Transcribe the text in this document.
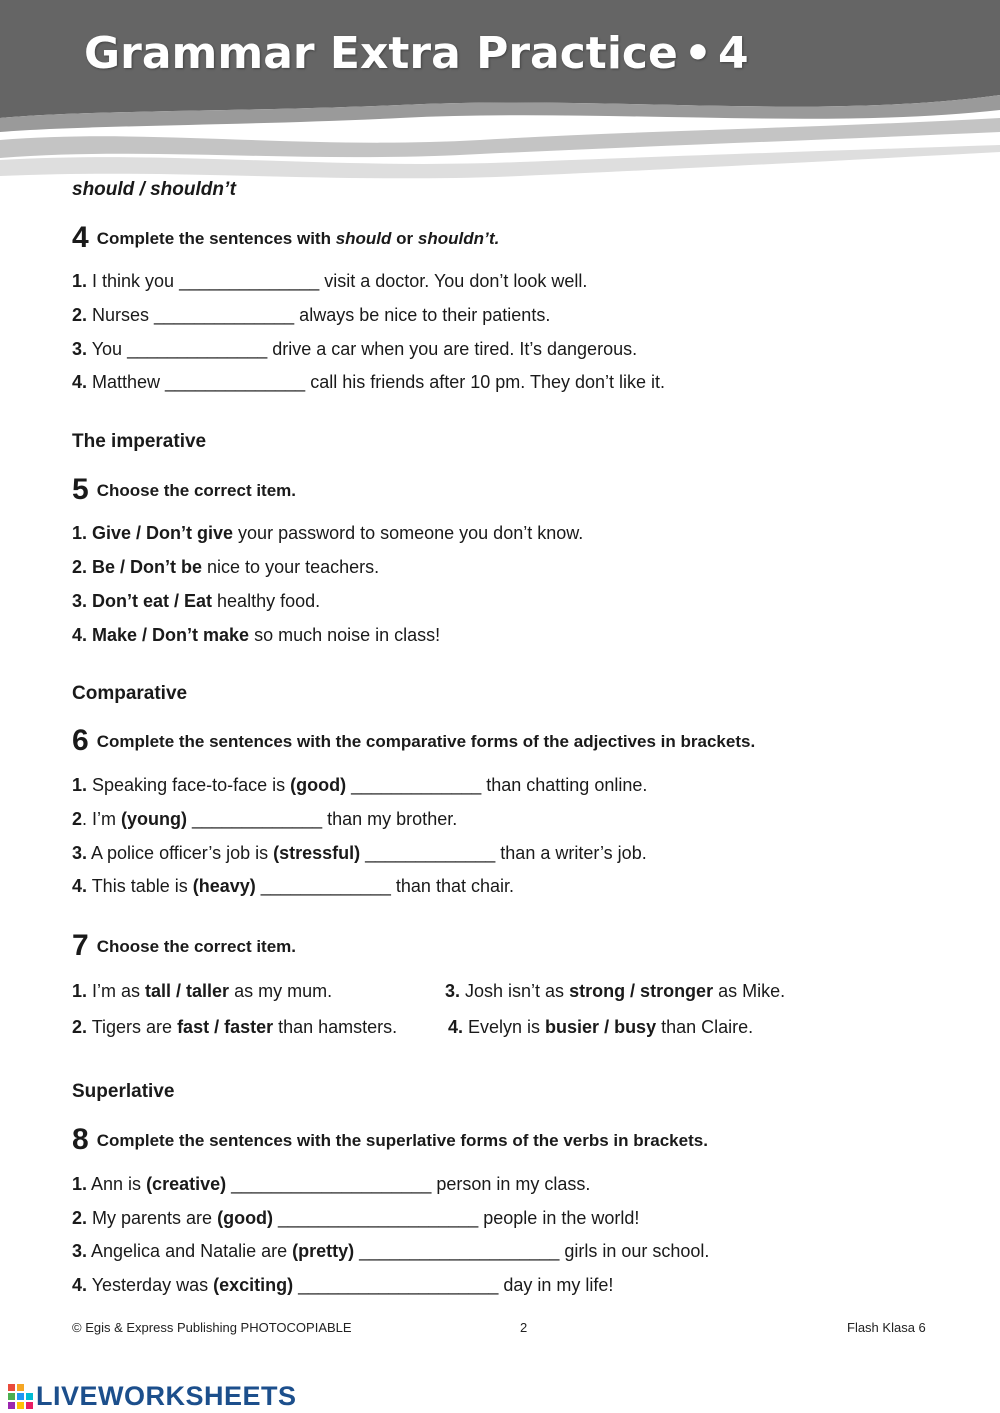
Grammar Extra Practice • 4
should / shouldn’t
4 Complete the sentences with should or shouldn’t.
1. I think you ______________ visit a doctor. You don’t look well.
2. Nurses ______________ always be nice to their patients.
3. You ______________ drive a car when you are tired. It’s dangerous.
4. Matthew ______________ call his friends after 10 pm. They don’t like it.
The imperative
5 Choose the correct item.
1. Give / Don’t give your password to someone you don’t know.
2. Be / Don’t be nice to your teachers.
3. Don’t eat / Eat healthy food.
4. Make / Don’t make so much noise in class!
Comparative
6 Complete the sentences with the comparative forms of the adjectives in brackets.
1. Speaking face-to-face is (good) _____________ than chatting online.
2. I’m (young) _____________ than my brother.
3. A police officer’s job is (stressful) _____________ than a writer’s job.
4. This table is (heavy) _____________ than that chair.
7 Choose the correct item.
1. I’m as tall / taller as my mum.	3. Josh isn’t as strong / stronger as Mike.
2. Tigers are fast / faster than hamsters.	4. Evelyn is busier / busy than Claire.
Superlative
8 Complete the sentences with the superlative forms of the verbs in brackets.
1. Ann is (creative) ____________________ person in my class.
2. My parents are (good) ____________________ people in the world!
3. Angelica and Natalie are (pretty) ____________________ girls in our school.
4. Yesterday was (exciting) ____________________ day in my life!
© Egis & Express Publishing PHOTOCOPIABLE	2	Flash Klasa 6
LIVEWORKSHEETS
